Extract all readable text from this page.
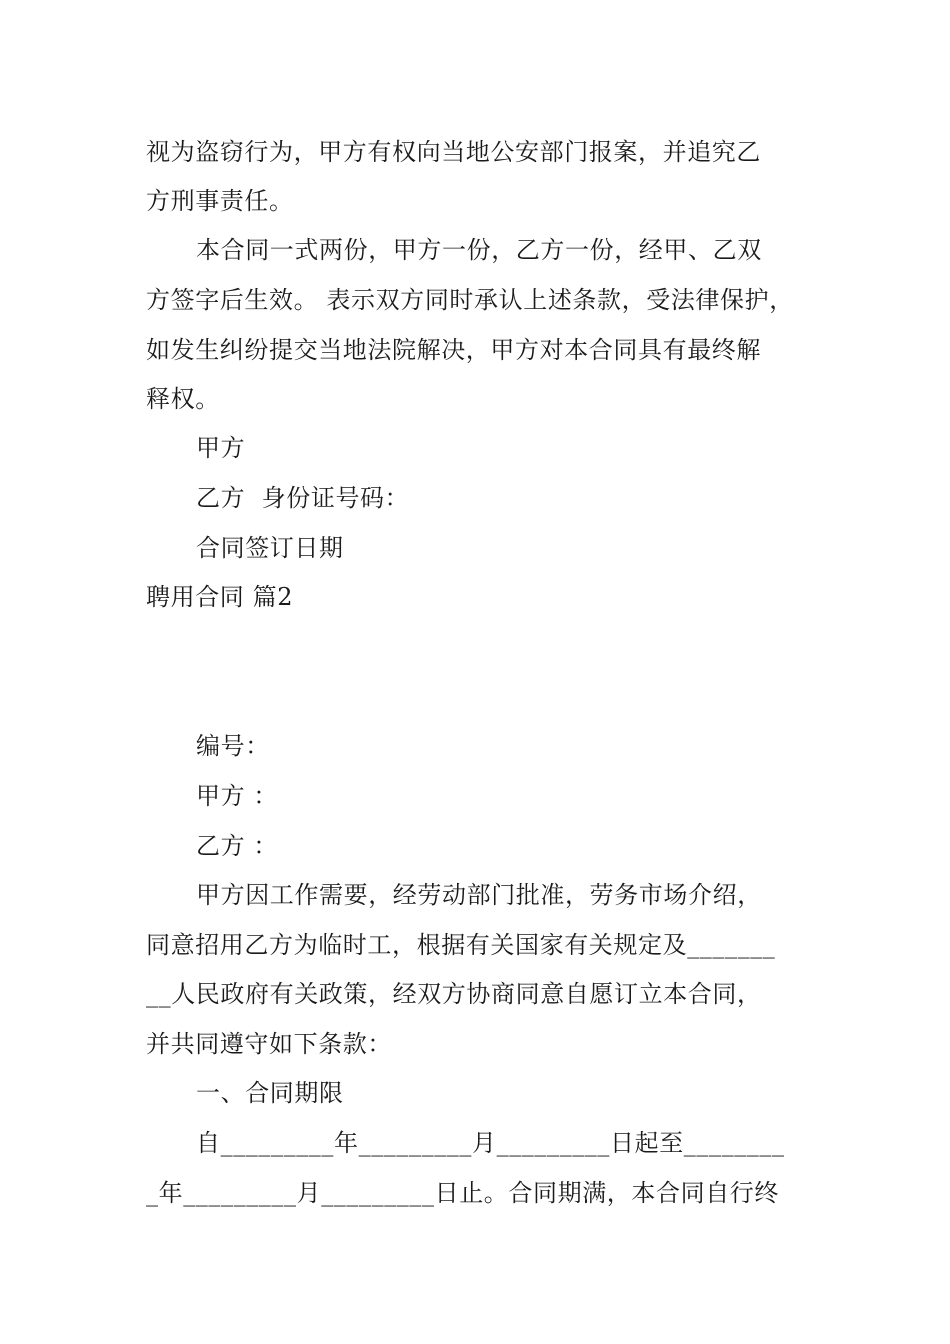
视为盗窃行为，甲方有权向当地公安部门报案，并追究乙
方刑事责任。
本合同一式两份，甲方一份，乙方一份，经甲、乙双
方签字后生效。 表示双方同时承认上述条款，受法律保护，
如发生纠纷提交当地法院解决，甲方对本合同具有最终解
释权。
甲方
乙方  身份证号码：
合同签订日期
聘用合同 篇2
编号：
甲方 ：
乙方 ：
甲方因工作需要，经劳动部门批准，劳务市场介绍，
同意招用乙方为临时工，根据有关国家有关规定及_______
__人民政府有关政策，经双方协商同意自愿订立本合同，
并共同遵守如下条款：
一、合同期限
自_________年_________月_________日起至________
_年_________月_________日止。合同期满，本合同自行终
